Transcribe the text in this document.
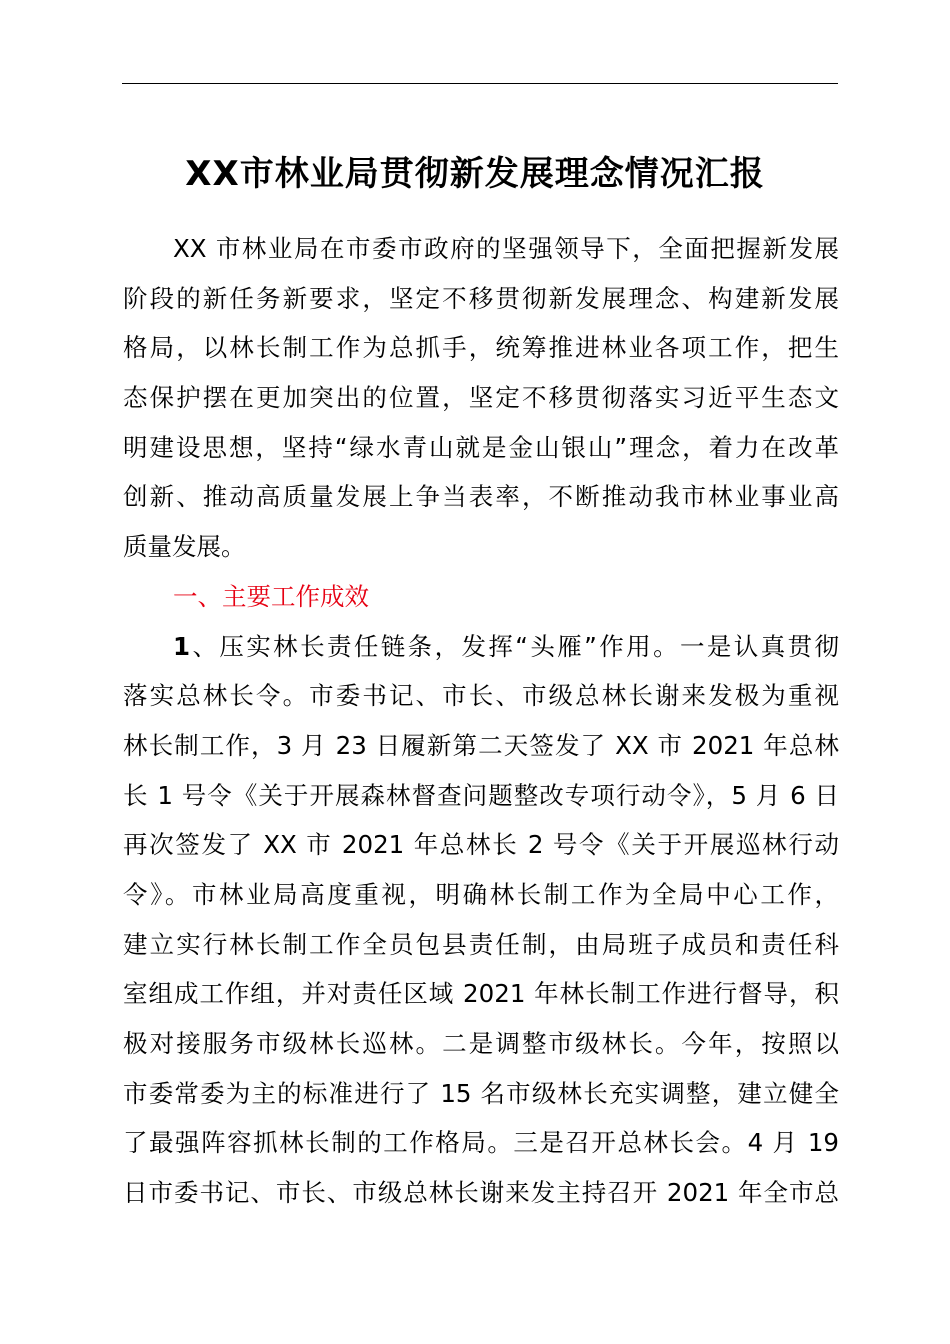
XX市林业局贯彻新发展理念情况汇报
XX 市林业局在市委市政府的坚强领导下，全面把握新发展
阶段的新任务新要求，坚定不移贯彻新发展理念、构建新发展
格局，以林长制工作为总抓手，统筹推进林业各项工作，把生
态保护摆在更加突出的位置，坚定不移贯彻落实习近平生态文
明建设思想，坚持“绿水青山就是金山银山”理念，着力在改革
创新、推动高质量发展上争当表率，不断推动我市林业事业高
质量发展。
一、主要工作成效
1、压实林长责任链条，发挥“头雁”作用。一是认真贯彻
落实总林长令。市委书记、市长、市级总林长谢来发极为重视
林长制工作，3 月 23 日履新第二天签发了 XX 市 2021 年总林
长 1 号令《关于开展森林督查问题整改专项行动令》，5 月 6 日
再次签发了 XX 市 2021 年总林长 2 号令《关于开展巡林行动
令》。市林业局高度重视，明确林长制工作为全局中心工作，
建立实行林长制工作全员包县责任制，由局班子成员和责任科
室组成工作组，并对责任区域 2021 年林长制工作进行督导，积
极对接服务市级林长巡林。二是调整市级林长。今年，按照以
市委常委为主的标准进行了 15 名市级林长充实调整，建立健全
了最强阵容抓林长制的工作格局。三是召开总林长会。4 月 19
日市委书记、市长、市级总林长谢来发主持召开 2021 年全市总
